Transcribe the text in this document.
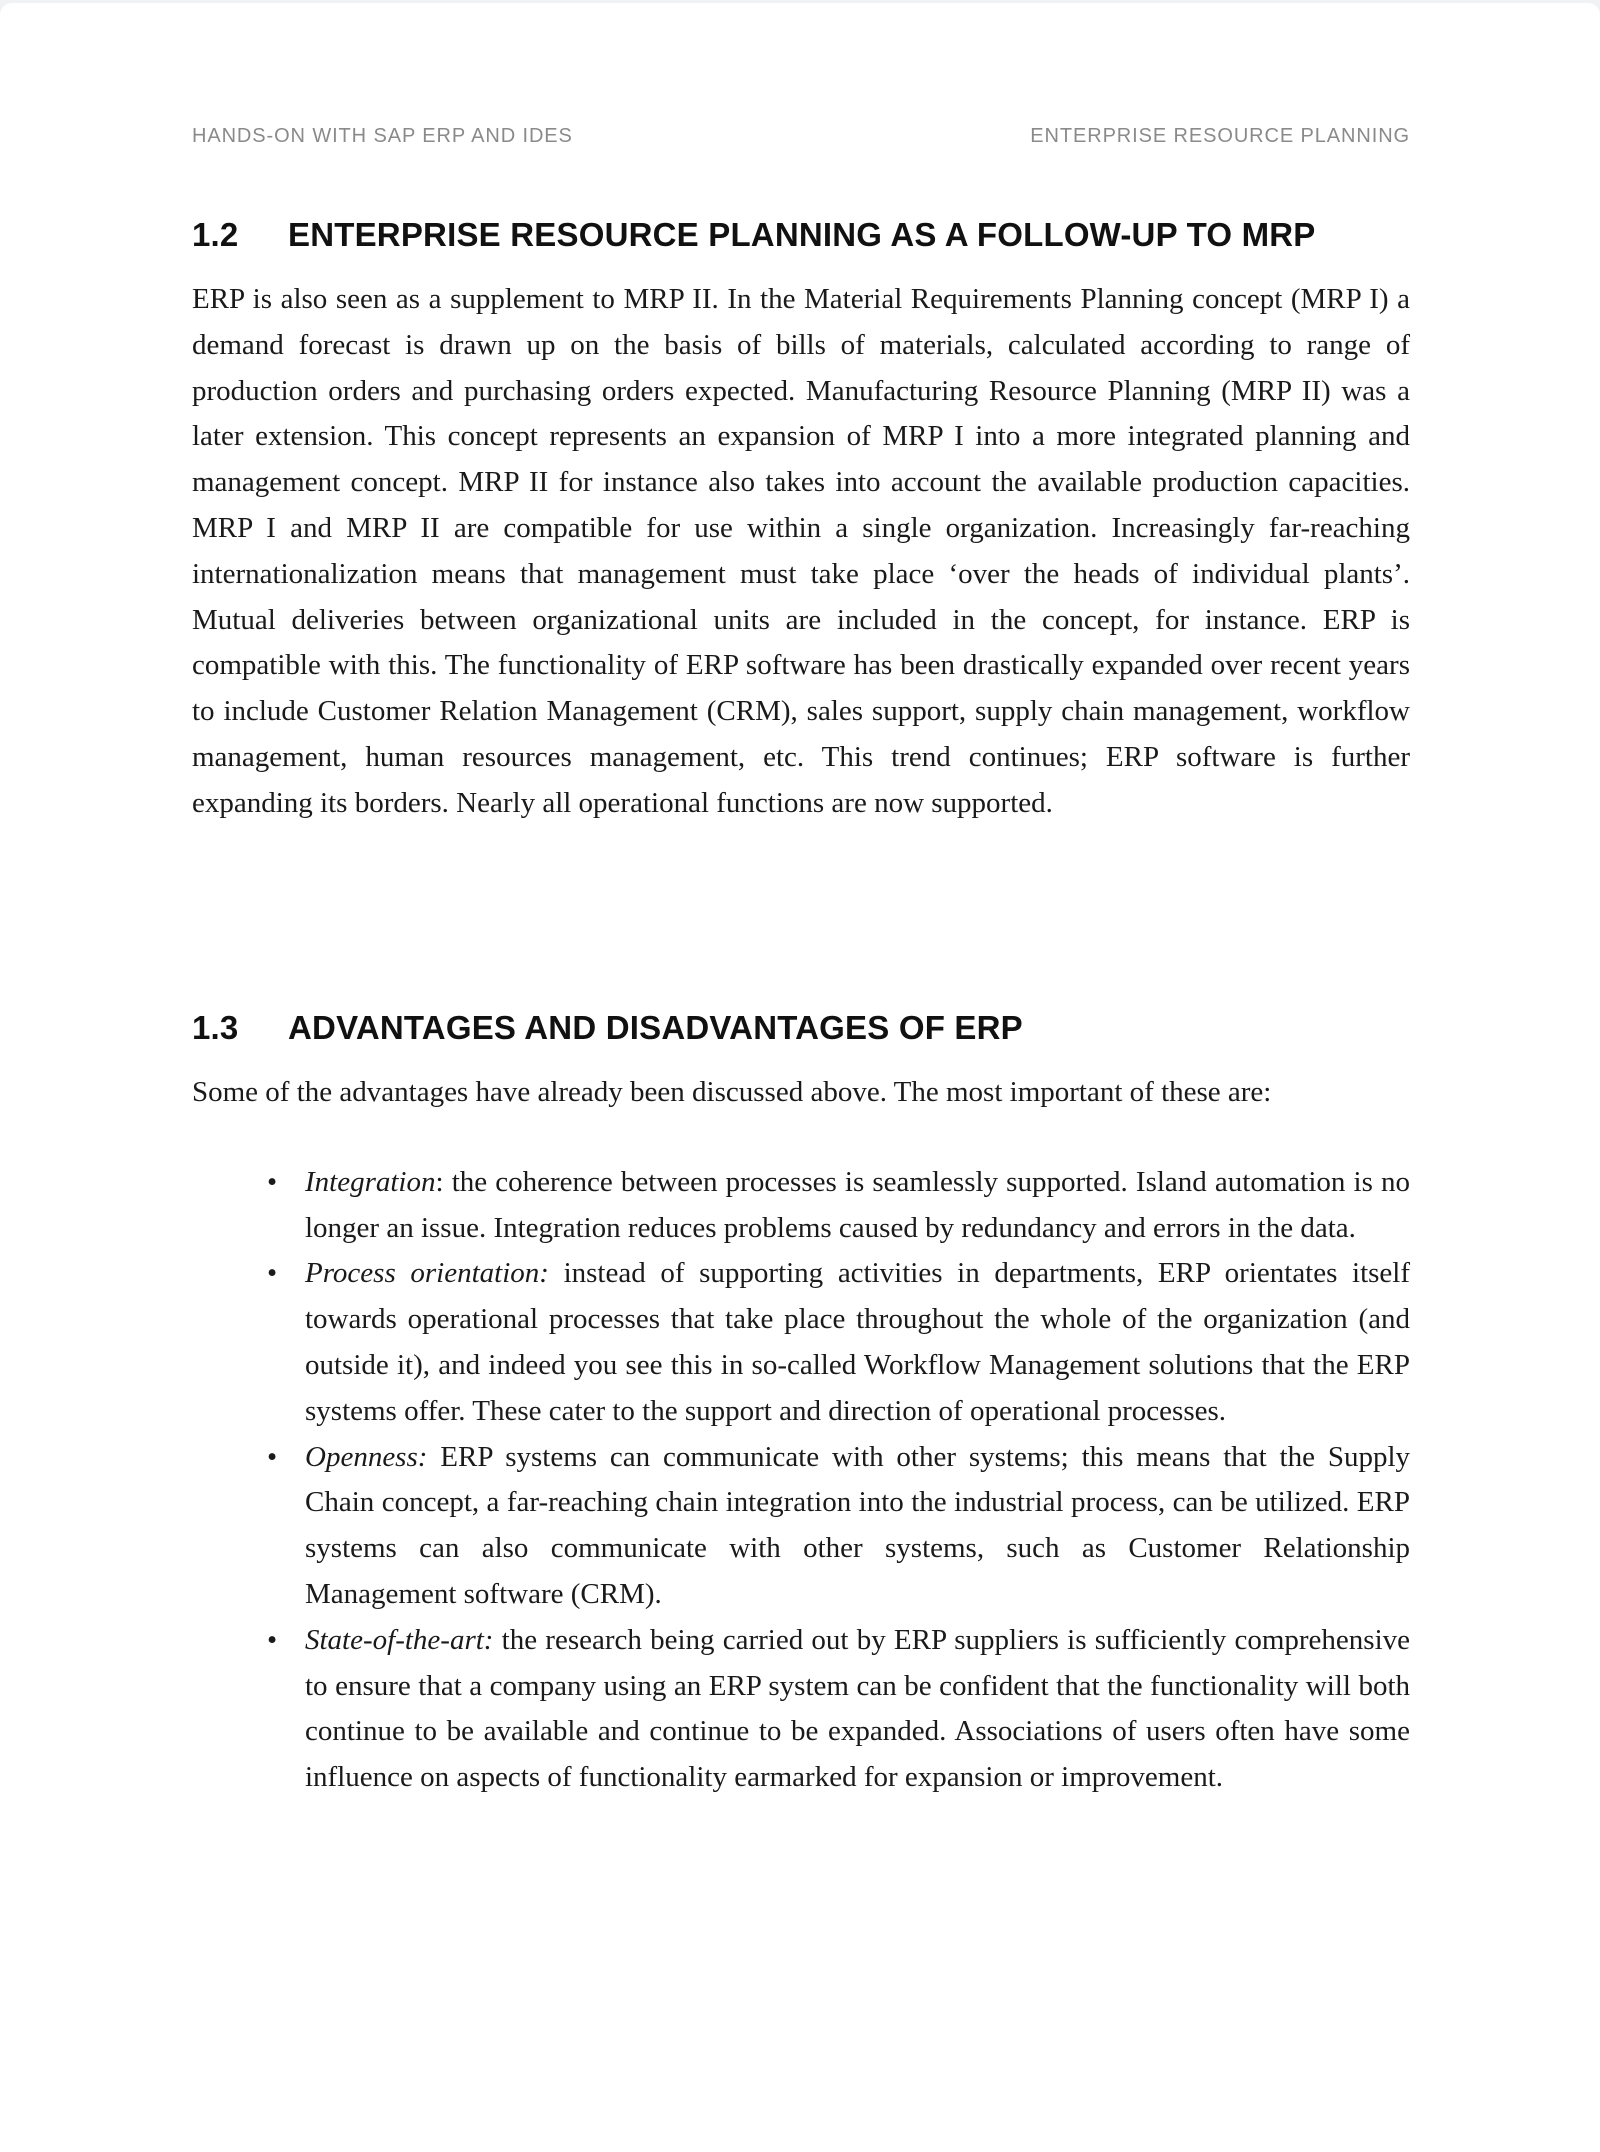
HANDS-ON WITH SAP ERP AND IDES	ENTERPRISE RESOURCE PLANNING
1.2	ENTERPRISE RESOURCE PLANNING AS A FOLLOW-UP TO MRP

ERP is also seen as a supplement to MRP II. In the Material Requirements Planning concept (MRP I) a demand forecast is drawn up on the basis of bills of materials, calculated according to range of production orders and purchasing orders expected. Manufacturing Resource Planning (MRP II) was a later extension. This concept represents an expansion of MRP I into a more integrated planning and management concept. MRP II for instance also takes into account the available production capacities. MRP I and MRP II are compatible for use within a single organization. Increasingly far-reaching internationalization means that management must take place ‘over the heads of individual plants’. Mutual deliveries between organizational units are included in the concept, for instance. ERP is compatible with this. The functionality of ERP software has been drastically expanded over recent years to include Customer Relation Management (CRM), sales support, supply chain management, workflow management, human resources management, etc. This trend continues; ERP software is further expanding its borders. Nearly all operational functions are now supported.

1.3	ADVANTAGES AND DISADVANTAGES OF ERP

Some of the advantages have already been discussed above. The most important of these are:

• Integration: the coherence between processes is seamlessly supported. Island automation is no longer an issue. Integration reduces problems caused by redundancy and errors in the data.
• Process orientation: instead of supporting activities in departments, ERP orientates itself towards operational processes that take place throughout the whole of the organization (and outside it), and indeed you see this in so-called Workflow Management solutions that the ERP systems offer. These cater to the support and direction of operational processes.
• Openness: ERP systems can communicate with other systems; this means that the Supply Chain concept, a far-reaching chain integration into the industrial process, can be utilized. ERP systems can also communicate with other systems, such as Customer Relationship Management software (CRM).
• State-of-the-art: the research being carried out by ERP suppliers is sufficiently comprehensive to ensure that a company using an ERP system can be confident that the functionality will both continue to be available and continue to be expanded. Associations of users often have some influence on aspects of functionality earmarked for expansion or improvement.
